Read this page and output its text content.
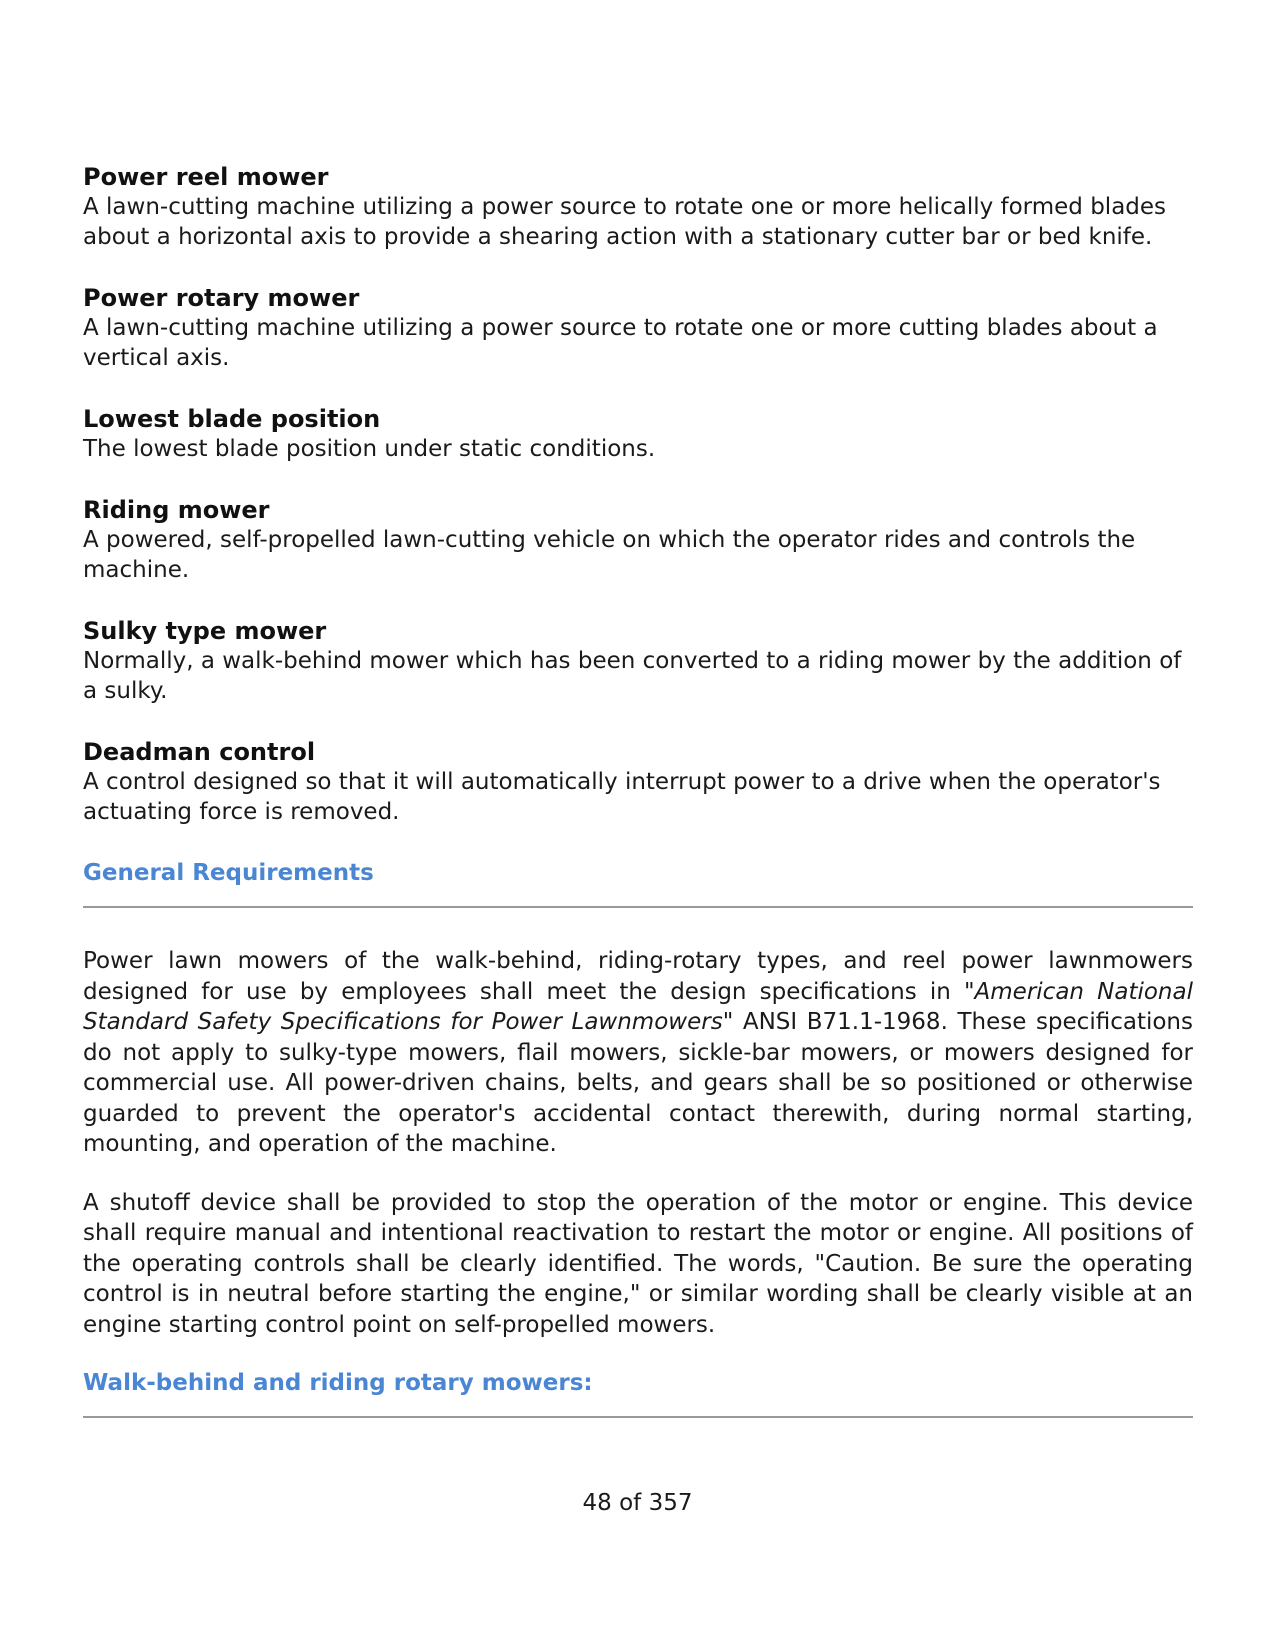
Power reel mower
A lawn-cutting machine utilizing a power source to rotate one or more helically formed blades about a horizontal axis to provide a shearing action with a stationary cutter bar or bed knife.
Power rotary mower
A lawn-cutting machine utilizing a power source to rotate one or more cutting blades about a vertical axis.
Lowest blade position
The lowest blade position under static conditions.
Riding mower
A powered, self-propelled lawn-cutting vehicle on which the operator rides and controls the machine.
Sulky type mower
Normally, a walk-behind mower which has been converted to a riding mower by the addition of a sulky.
Deadman control
A control designed so that it will automatically interrupt power to a drive when the operator's actuating force is removed.
General Requirements

Power lawn mowers of the walk-behind, riding-rotary types, and reel power lawnmowers designed for use by employees shall meet the design specifications in "American National Standard Safety Specifications for Power Lawnmowers" ANSI B71.1-1968. These specifications do not apply to sulky-type mowers, flail mowers, sickle-bar mowers, or mowers designed for commercial use. All power-driven chains, belts, and gears shall be so positioned or otherwise guarded to prevent the operator's accidental contact therewith, during normal starting, mounting, and operation of the machine.

A shutoff device shall be provided to stop the operation of the motor or engine. This device shall require manual and intentional reactivation to restart the motor or engine. All positions of the operating controls shall be clearly identified. The words, "Caution. Be sure the operating control is in neutral before starting the engine," or similar wording shall be clearly visible at an engine starting control point on self-propelled mowers.

Walk-behind and riding rotary mowers:
48 of 357
